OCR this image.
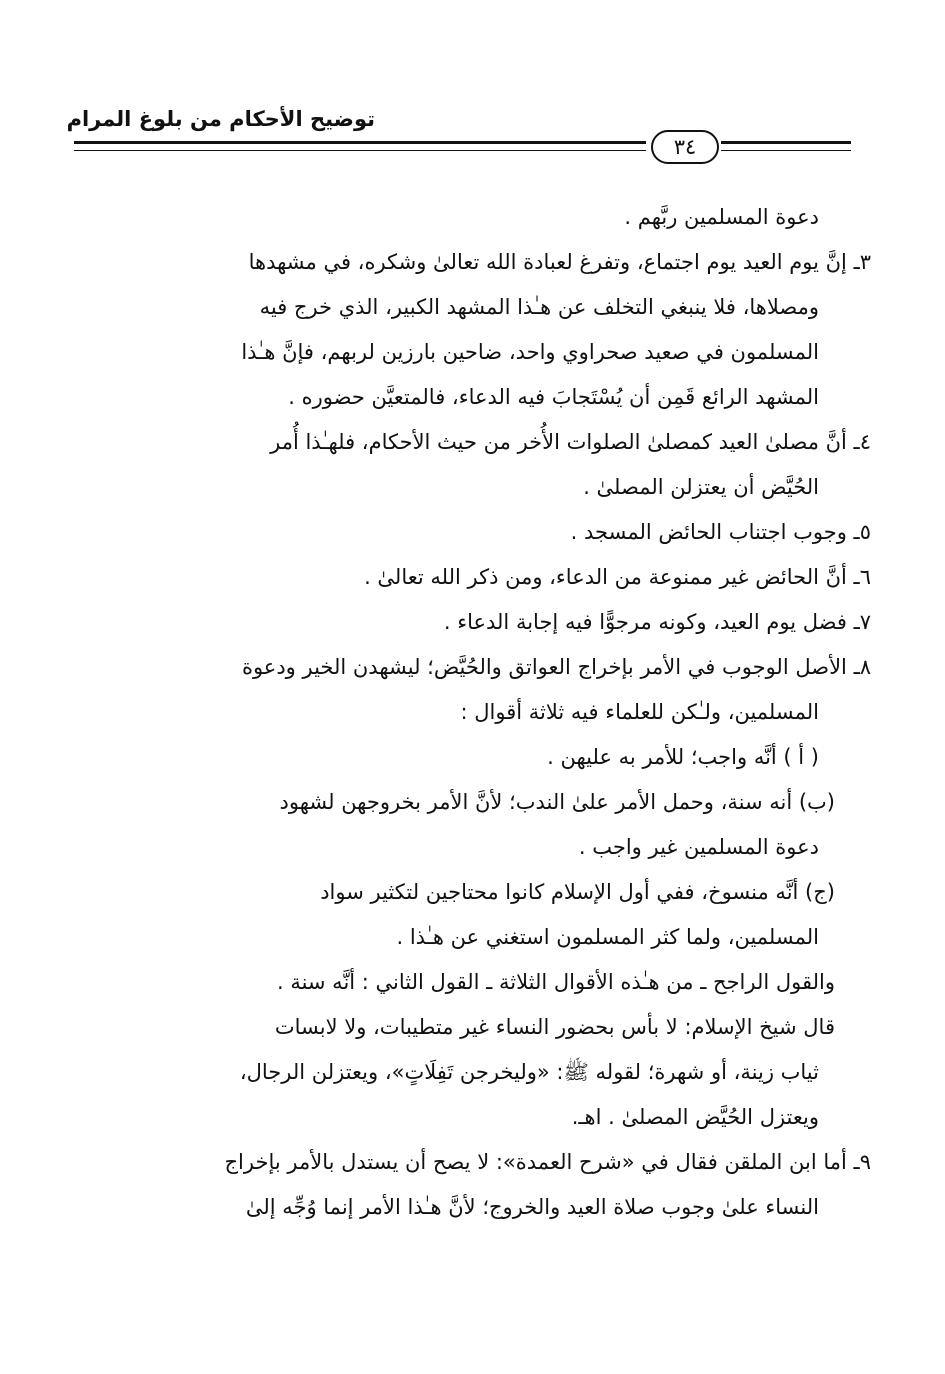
توضيح الأحكام من بلوغ المرام
٣٤

دعوة المسلمين ربَّهم .

٣ـ إنَّ يوم العيد يوم اجتماع، وتفرغ لعبادة الله تعالىٰ وشكره، في مشهدها

ومصلاها، فلا ينبغي التخلف عن هـٰذا المشهد الكبير، الذي خرج فيه

المسلمون في صعيد صحراوي واحد، ضاحين بارزين لربهم، فإنَّ هـٰذا

المشهد الرائع قَمِن أن يُسْتَجابَ فيه الدعاء، فالمتعيَّن حضوره .

٤ـ أنَّ مصلىٰ العيد كمصلىٰ الصلوات الأُخر من حيث الأحكام، فلهـٰذا أُمر

الحُيَّض أن يعتزلن المصلىٰ .

٥ـ وجوب اجتناب الحائض المسجد .

٦ـ أنَّ الحائض غير ممنوعة من الدعاء، ومن ذكر الله تعالىٰ .

٧ـ فضل يوم العيد، وكونه مرجوًّا فيه إجابة الدعاء .

٨ـ الأصل الوجوب في الأمر بإخراج العواتق والحُيَّض؛ ليشهدن الخير ودعوة

المسلمين، ولـٰكن للعلماء فيه ثلاثة أقوال :

( أ ) أنَّه واجب؛ للأمر به عليهن .

(ب) أنه سنة، وحمل الأمر علىٰ الندب؛ لأنَّ الأمر بخروجهن لشهود

دعوة المسلمين غير واجب .

(ج) أنَّه منسوخ، ففي أول الإسلام كانوا محتاجين لتكثير سواد

المسلمين، ولما كثر المسلمون استغني عن هـٰذا .

والقول الراجح ـ من هـٰذه الأقوال الثلاثة ـ القول الثاني : أنَّه سنة .

قال شيخ الإسلام: لا بأس بحضور النساء غير متطيبات، ولا لابسات

ثياب زينة، أو شهرة؛ لقوله ﷺ: «وليخرجن تَفِلَاتٍ»، ويعتزلن الرجال،

ويعتزل الحُيَّض المصلىٰ . اهـ.

٩ـ أما ابن الملقن فقال في «شرح العمدة»: لا يصح أن يستدل بالأمر بإخراج

النساء علىٰ وجوب صلاة العيد والخروج؛ لأنَّ هـٰذا الأمر إنما وُجِّه إلىٰ
